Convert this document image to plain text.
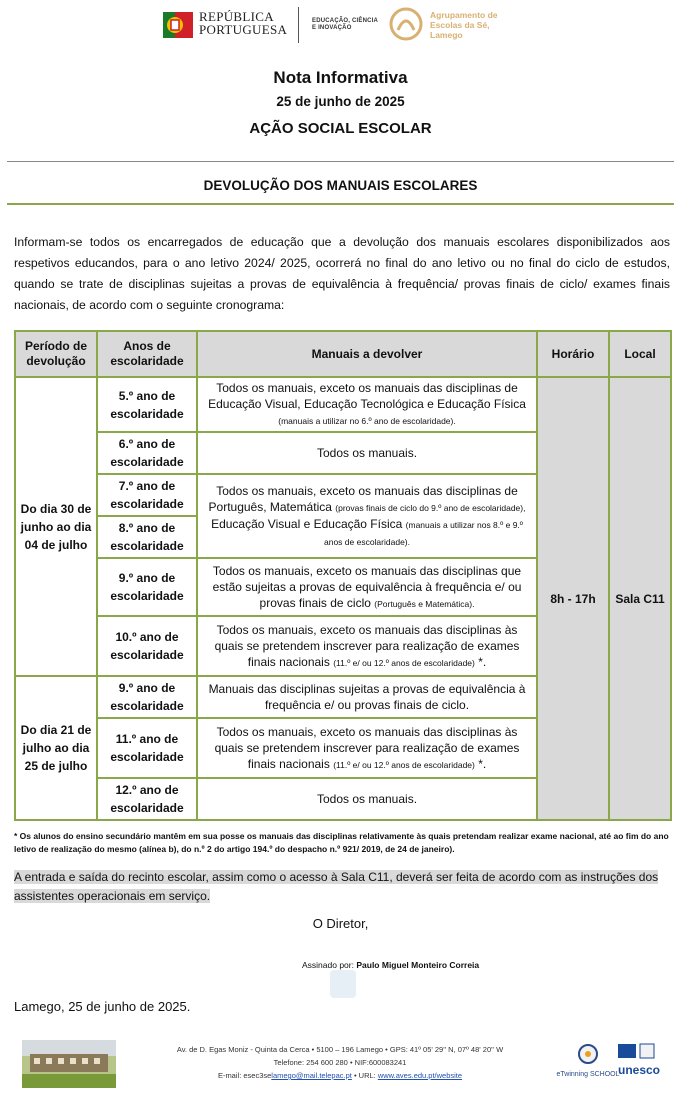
REPÚBLICA
PORTUGUESA
EDUCAÇÃO, CIÊNCIA
E INOVAÇÃO
Agrupamento de
Escolas da Sé,
Lamego
Nota Informativa
25 de junho de 2025
AÇÃO SOCIAL ESCOLAR
DEVOLUÇÃO DOS MANUAIS ESCOLARES
Informam-se todos os encarregados de educação que a devolução dos manuais escolares disponibilizados aos respetivos educandos, para o ano letivo 2024/ 2025, ocorrerá no final do ano letivo ou no final do ciclo de estudos, quando se trate de disciplinas sujeitas a provas de equivalência à frequência/ provas finais de ciclo/ exames finais nacionais, de acordo com o seguinte cronograma:
Período de devolução	Anos de escolaridade	Manuais a devolver	Horário	Local
Do dia 30 de junho ao dia 04 de julho	5.º ano de escolaridade	Todos os manuais, exceto os manuais das disciplinas de Educação Visual, Educação Tecnológica e Educação Física (manuais a utilizar no 6.º ano de escolaridade).	8h - 17h	Sala C11
	6.º ano de escolaridade	Todos os manuais.		
	7.º ano de escolaridade	Todos os manuais, exceto os manuais das disciplinas de Português, Matemática (provas finais de ciclo do 9.º ano de escolaridade), Educação Visual e Educação Física (manuais a utilizar nos 8.º e 9.º anos de escolaridade).		
	8.º ano de escolaridade			
	9.º ano de escolaridade	Todos os manuais, exceto os manuais das disciplinas que estão sujeitas a provas de equivalência à frequência e/ ou provas finais de ciclo (Português e Matemática).		
	10.º ano de escolaridade	Todos os manuais, exceto os manuais das disciplinas às quais se pretendem inscrever para realização de exames finais nacionais (11.º e/ ou 12.º anos de escolaridade) *.		
Do dia 21 de julho ao dia 25 de julho	9.º ano de escolaridade	Manuais das disciplinas sujeitas a provas de equivalência à frequência e/ ou provas finais de ciclo.		
	11.º ano de escolaridade	Todos os manuais, exceto os manuais das disciplinas às quais se pretendem inscrever para realização de exames finais nacionais (11.º e/ ou 12.º anos de escolaridade) *.		
	12.º ano de escolaridade	Todos os manuais.		
* Os alunos do ensino secundário mantêm em sua posse os manuais das disciplinas relativamente às quais pretendam realizar exame nacional, até ao fim do ano letivo de realização do mesmo (alínea b), do n.º 2 do artigo 194.º do despacho n.º 921/ 2019, de 24 de janeiro).
A entrada e saída do recinto escolar, assim como o acesso à Sala C11, deverá ser feita de acordo com as instruções dos assistentes operacionais em serviço.
O Diretor,
Assinado por: Paulo Miguel Monteiro Correia
Lamego, 25 de junho de 2025.
Av. de D. Egas Moniz - Quinta da Cerca • 5100 – 196 Lamego • GPS: 41º 05' 29'' N, 07º 48' 20'' W
Telefone: 254 600 280 • NIF:600083241
E-mail: esec3selamego@mail.telepac.pt • URL: www.aves.edu.pt/website	eTwinning SCHOOL
unesco
